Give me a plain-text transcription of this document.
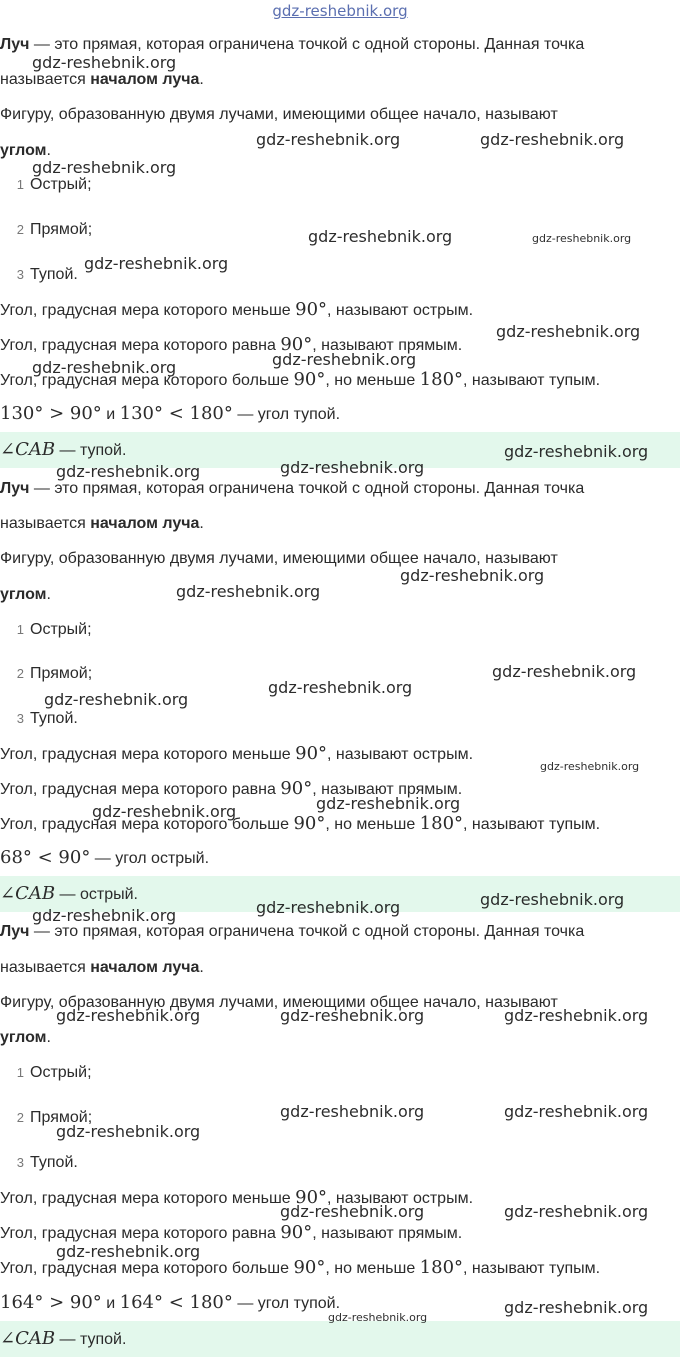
gdz-reshebnik.org
Луч — это прямая, которая ограничена точкой с одной стороны. Данная точка
называется началом луча.
Фигуру, образованную двумя лучами, имеющими общее начало, называют
углом.
1 Острый;
2 Прямой;
3 Тупой.
Угол, градусная мера которого меньше 90°, называют острым.
Угол, градусная мера которого равна 90°, называют прямым.
Угол, градусная мера которого больше 90°, но меньше 180°, называют тупым.
130° > 90° и 130° < 180° — угол тупой.
∠CAB — тупой.
Луч — это прямая, которая ограничена точкой с одной стороны. Данная точка
называется началом луча.
Фигуру, образованную двумя лучами, имеющими общее начало, называют
углом.
1 Острый;
2 Прямой;
3 Тупой.
Угол, градусная мера которого меньше 90°, называют острым.
Угол, градусная мера которого равна 90°, называют прямым.
Угол, градусная мера которого больше 90°, но меньше 180°, называют тупым.
68° < 90° — угол острый.
∠CAB — острый.
Луч — это прямая, которая ограничена точкой с одной стороны. Данная точка
называется началом луча.
Фигуру, образованную двумя лучами, имеющими общее начало, называют
углом.
1 Острый;
2 Прямой;
3 Тупой.
Угол, градусная мера которого меньше 90°, называют острым.
Угол, градусная мера которого равна 90°, называют прямым.
Угол, градусная мера которого больше 90°, но меньше 180°, называют тупым.
164° > 90° и 164° < 180° — угол тупой.
∠CAB — тупой.
gdz-reshebnik.org
gdz-reshebnik.org	gdz-reshebnik.org
gdz-reshebnik.org
gdz-reshebnik.org	gdz-reshebnik.org
gdz-reshebnik.org
gdz-reshebnik.org
gdz-reshebnik.org
gdz-reshebnik.org
gdz-reshebnik.org
gdz-reshebnik.org
gdz-reshebnik.org
gdz-reshebnik.org
gdz-reshebnik.org
gdz-reshebnik.org
gdz-reshebnik.org
gdz-reshebnik.org
gdz-reshebnik.org
gdz-reshebnik.org
gdz-reshebnik.org
gdz-reshebnik.org
gdz-reshebnik.org
gdz-reshebnik.org
gdz-reshebnik.org	gdz-reshebnik.org	gdz-reshebnik.org
gdz-reshebnik.org	gdz-reshebnik.org
gdz-reshebnik.org
gdz-reshebnik.org	gdz-reshebnik.org
gdz-reshebnik.org
gdz-reshebnik.org
gdz-reshebnik.org
